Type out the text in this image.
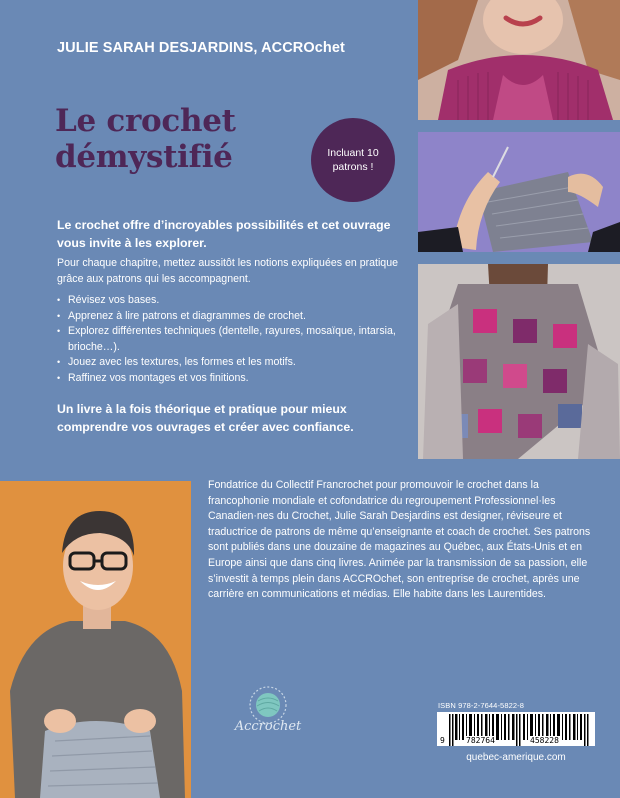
JULIE SARAH DESJARDINS, ACCROchet
Le crochet
démystifié	Incluant 10 patrons !
Le crochet offre d’incroyables possibilités et cet ouvrage vous invite à les explorer.
Pour chaque chapitre, mettez aussitôt les notions expliquées en pratique grâce aux patrons qui les accompagnent.
• Révisez vos bases.
• Apprenez à lire patrons et diagrammes de crochet.
• Explorez différentes techniques (dentelle, rayures, mosaïque, intarsia, brioche…).
• Jouez avec les textures, les formes et les motifs.
• Raffinez vos montages et vos finitions.
Un livre à la fois théorique et pratique pour mieux comprendre vos ouvrages et créer avec confiance.
Fondatrice du Collectif Francrochet pour promouvoir le crochet dans la francophonie mondiale et cofondatrice du regroupement Professionnel·les Canadien·nes du Crochet, Julie Sarah Desjardins est designer, réviseure et traductrice de patrons de même qu’enseignante et coach de crochet. Ses patrons sont publiés dans une douzaine de magazines au Québec, aux États-Unis et en Europe ainsi que dans cinq livres. Animée par la transmission de sa passion, elle s’investit à temps plein dans ACCROchet, son entreprise de crochet, après une carrière en communications et médias. Elle habite dans les Laurentides.
Accrochet
ISBN 978-2-7644-5822-8
9	782764	458228
quebec-amerique.com
